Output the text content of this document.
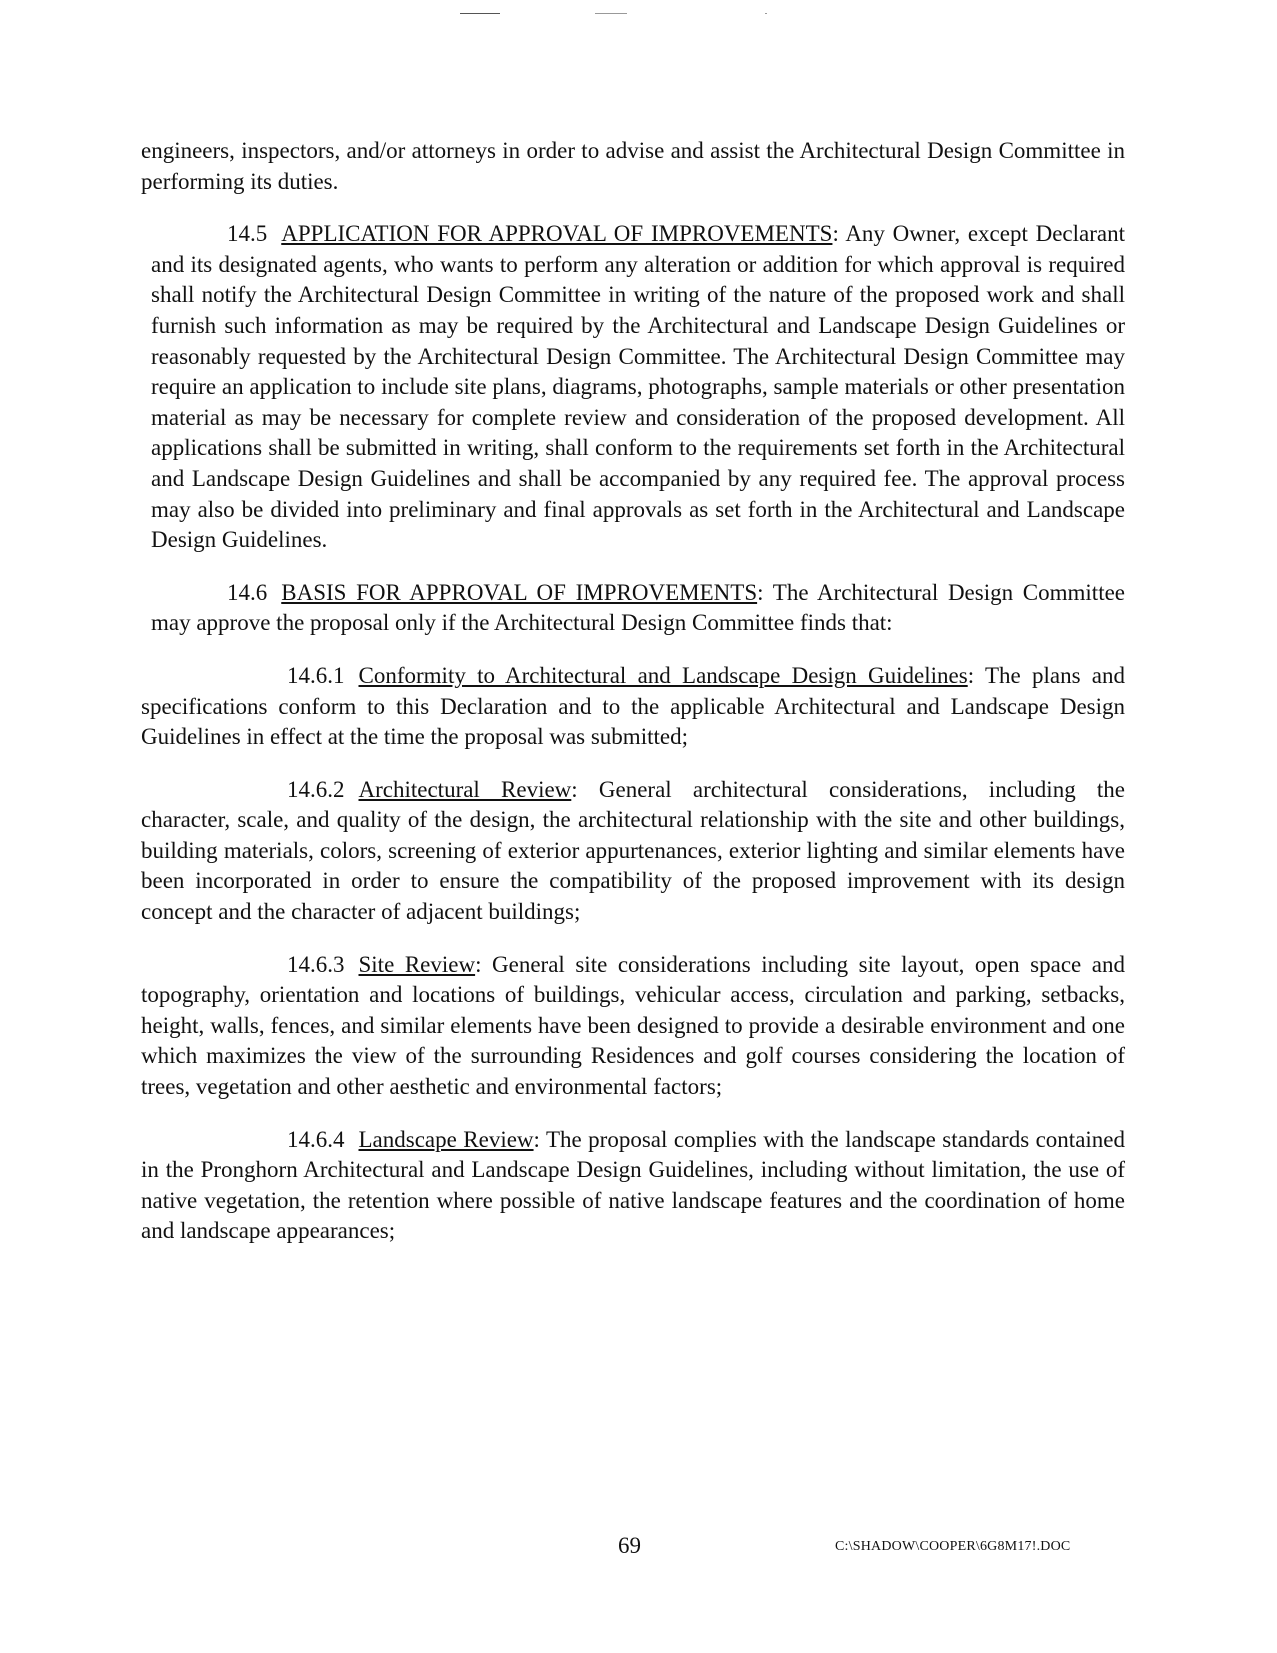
engineers, inspectors, and/or attorneys in order to advise and assist the Architectural Design Committee in performing its duties.

14.5 APPLICATION FOR APPROVAL OF IMPROVEMENTS: Any Owner, except Declarant and its designated agents, who wants to perform any alteration or addition for which approval is required shall notify the Architectural Design Committee in writing of the nature of the proposed work and shall furnish such information as may be required by the Architectural and Landscape Design Guidelines or reasonably requested by the Architectural Design Committee. The Architectural Design Committee may require an application to include site plans, diagrams, photographs, sample materials or other presentation material as may be necessary for complete review and consideration of the proposed development. All applications shall be submitted in writing, shall conform to the requirements set forth in the Architectural and Landscape Design Guidelines and shall be accompanied by any required fee. The approval process may also be divided into preliminary and final approvals as set forth in the Architectural and Landscape Design Guidelines.

14.6 BASIS FOR APPROVAL OF IMPROVEMENTS: The Architectural Design Committee may approve the proposal only if the Architectural Design Committee finds that:

14.6.1 Conformity to Architectural and Landscape Design Guidelines: The plans and specifications conform to this Declaration and to the applicable Architectural and Landscape Design Guidelines in effect at the time the proposal was submitted;

14.6.2 Architectural Review: General architectural considerations, including the character, scale, and quality of the design, the architectural relationship with the site and other buildings, building materials, colors, screening of exterior appurtenances, exterior lighting and similar elements have been incorporated in order to ensure the compatibility of the proposed improvement with its design concept and the character of adjacent buildings;

14.6.3 Site Review: General site considerations including site layout, open space and topography, orientation and locations of buildings, vehicular access, circulation and parking, setbacks, height, walls, fences, and similar elements have been designed to provide a desirable environment and one which maximizes the view of the surrounding Residences and golf courses considering the location of trees, vegetation and other aesthetic and environmental factors;

14.6.4 Landscape Review: The proposal complies with the landscape standards contained in the Pronghorn Architectural and Landscape Design Guidelines, including without limitation, the use of native vegetation, the retention where possible of native landscape features and the coordination of home and landscape appearances;

69	C:\SHADOW\COOPER\6G8M17!.DOC
